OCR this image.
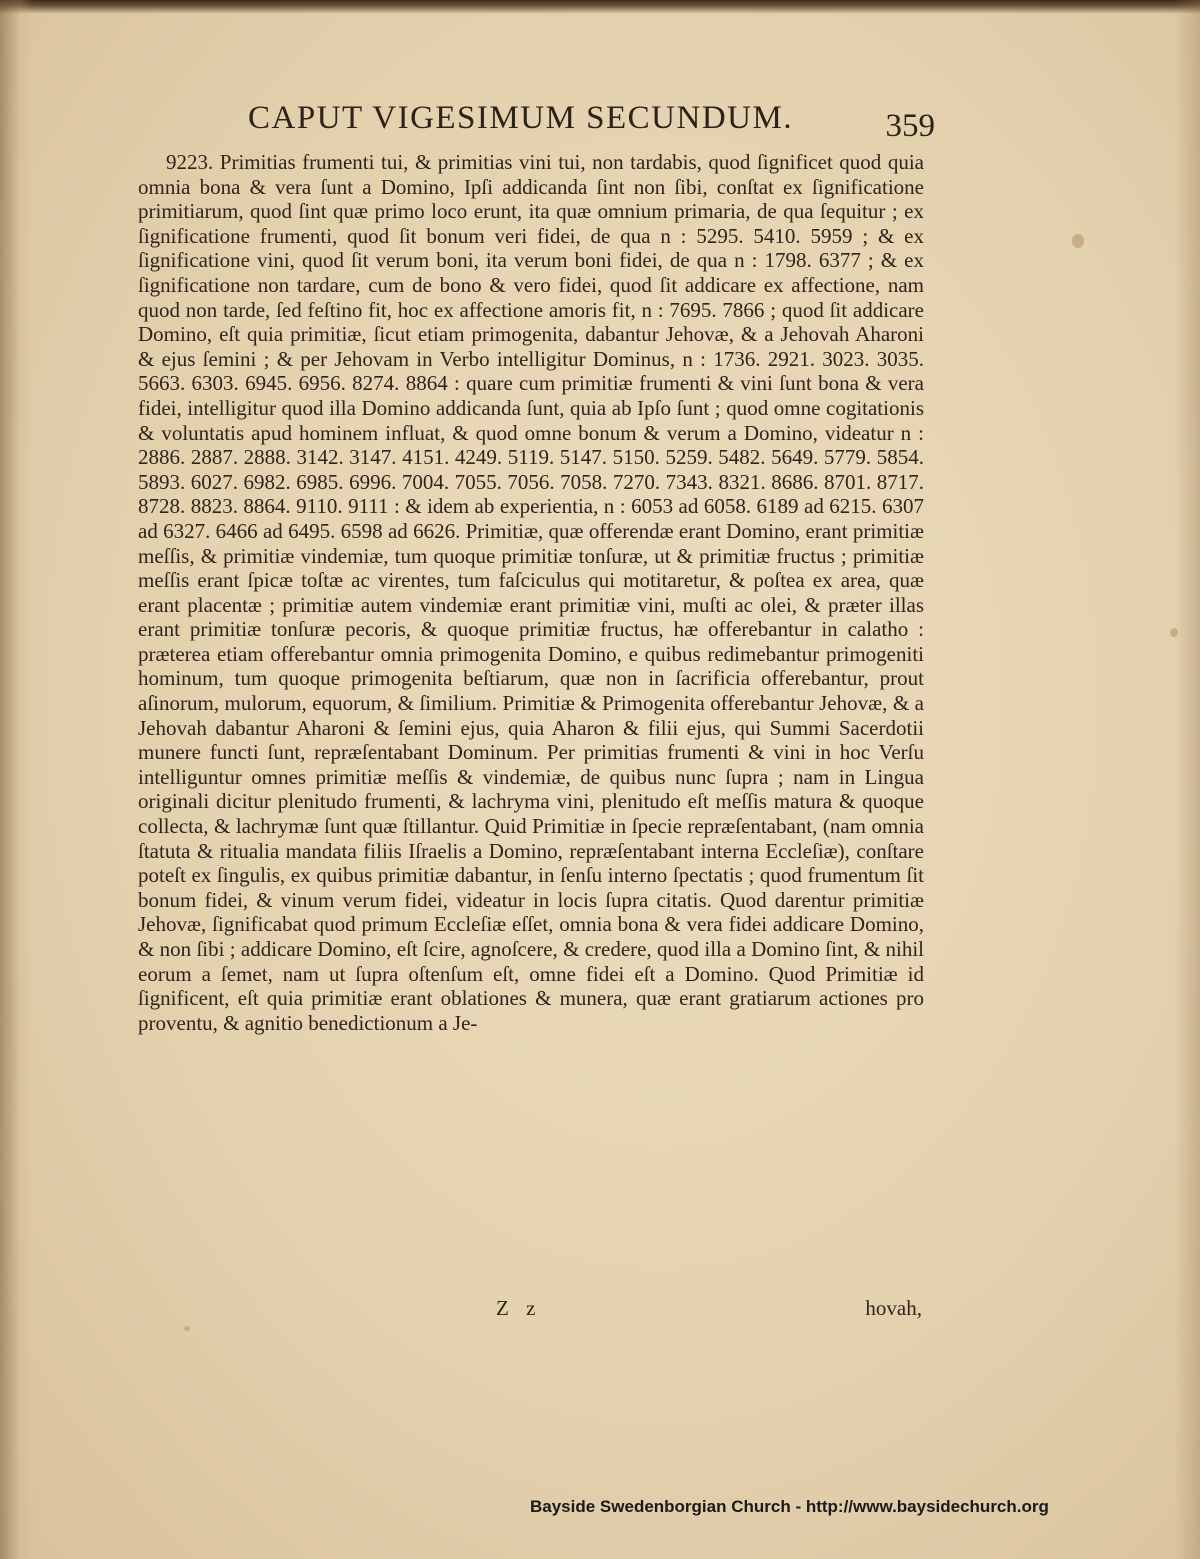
CAPUT VIGESIMUM SECUNDUM.	359

9223. Primitias frumenti tui, & primitias vini tui, non tardabis, quod ſignificet quod quia omnia bona & vera ſunt a Domino, Ipſi addicanda ſint non ſibi, conſtat ex ſignificatione primitiarum, quod ſint quæ primo loco erunt, ita quæ omnium primaria, de qua ſequitur ; ex ſignificatione frumenti, quod ſit bonum veri fidei, de qua n : 5295. 5410. 5959 ; & ex ſignificatione vini, quod ſit verum boni, ita verum boni fidei, de qua n : 1798. 6377 ; & ex ſignificatione non tardare, cum de bono & vero fidei, quod ſit addicare ex affectione, nam quod non tarde, ſed feſtino fit, hoc ex affectione amoris fit, n : 7695. 7866 ; quod ſit addicare Domino, eſt quia primitiæ, ſicut etiam primogenita, dabantur Jehovæ, & a Jehovah Aharoni & ejus ſemini ; & per Jehovam in Verbo intelligitur Dominus, n : 1736. 2921. 3023. 3035. 5663. 6303. 6945. 6956. 8274. 8864 : quare cum primitiæ frumenti & vini ſunt bona & vera fidei, intelligitur quod illa Domino addicanda ſunt, quia ab Ipſo ſunt ; quod omne cogitationis & voluntatis apud hominem influat, & quod omne bonum & verum a Domino, videatur n : 2886. 2887. 2888. 3142. 3147. 4151. 4249. 5119. 5147. 5150. 5259. 5482. 5649. 5779. 5854. 5893. 6027. 6982. 6985. 6996. 7004. 7055. 7056. 7058. 7270. 7343. 8321. 8686. 8701. 8717. 8728. 8823. 8864. 9110. 9111 : & idem ab experientia, n : 6053 ad 6058. 6189 ad 6215. 6307 ad 6327. 6466 ad 6495. 6598 ad 6626. Primitiæ, quæ offerendæ erant Domino, erant primitiæ meſſis, & primitiæ vindemiæ, tum quoque primitiæ tonſuræ, ut & primitiæ fructus ; primitiæ meſſis erant ſpicæ toſtæ ac virentes, tum faſciculus qui motitaretur, & poſtea ex area, quæ erant placentæ ; primitiæ autem vindemiæ erant primitiæ vini, muſti ac olei, & præter illas erant primitiæ tonſuræ pecoris, & quoque primitiæ fructus, hæ offerebantur in calatho : præterea etiam offerebantur omnia primogenita Domino, e quibus redimebantur primogeniti hominum, tum quoque primogenita beſtiarum, quæ non in ſacrificia offerebantur, prout aſinorum, mulorum, equorum, & ſimilium. Primitiæ & Primogenita offerebantur Jehovæ, & a Jehovah dabantur Aharoni & ſemini ejus, quia Aharon & filii ejus, qui Summi Sacerdotii munere functi ſunt, repræſentabant Dominum. Per primitias frumenti & vini in hoc Verſu intelliguntur omnes primitiæ meſſis & vindemiæ, de quibus nunc ſupra ; nam in Lingua originali dicitur plenitudo frumenti, & lachryma vini, plenitudo eſt meſſis matura & quoque collecta, & lachrymæ ſunt quæ ſtillantur. Quid Primitiæ in ſpecie repræſentabant, (nam omnia ſtatuta & ritualia mandata filiis Iſraelis a Domino, repræſentabant interna Eccleſiæ), conſtare poteſt ex ſingulis, ex quibus primitiæ dabantur, in ſenſu interno ſpectatis ; quod frumentum ſit bonum fidei, & vinum verum fidei, videatur in locis ſupra citatis. Quod darentur primitiæ Jehovæ, ſignificabat quod primum Eccleſiæ eſſet, omnia bona & vera fidei addicare Domino, & non ſibi ; addicare Domino, eſt ſcire, agnoſcere, & credere, quod illa a Domino ſint, & nihil eorum a ſemet, nam ut ſupra oſtenſum eſt, omne fidei eſt a Domino. Quod Primitiæ id ſignificent, eſt quia primitiæ erant oblationes & munera, quæ erant gratiarum actiones pro proventu, & agnitio benedictionum a Je-

Z z	hovah,
Bayside Swedenborgian Church - http://www.baysidechurch.org
